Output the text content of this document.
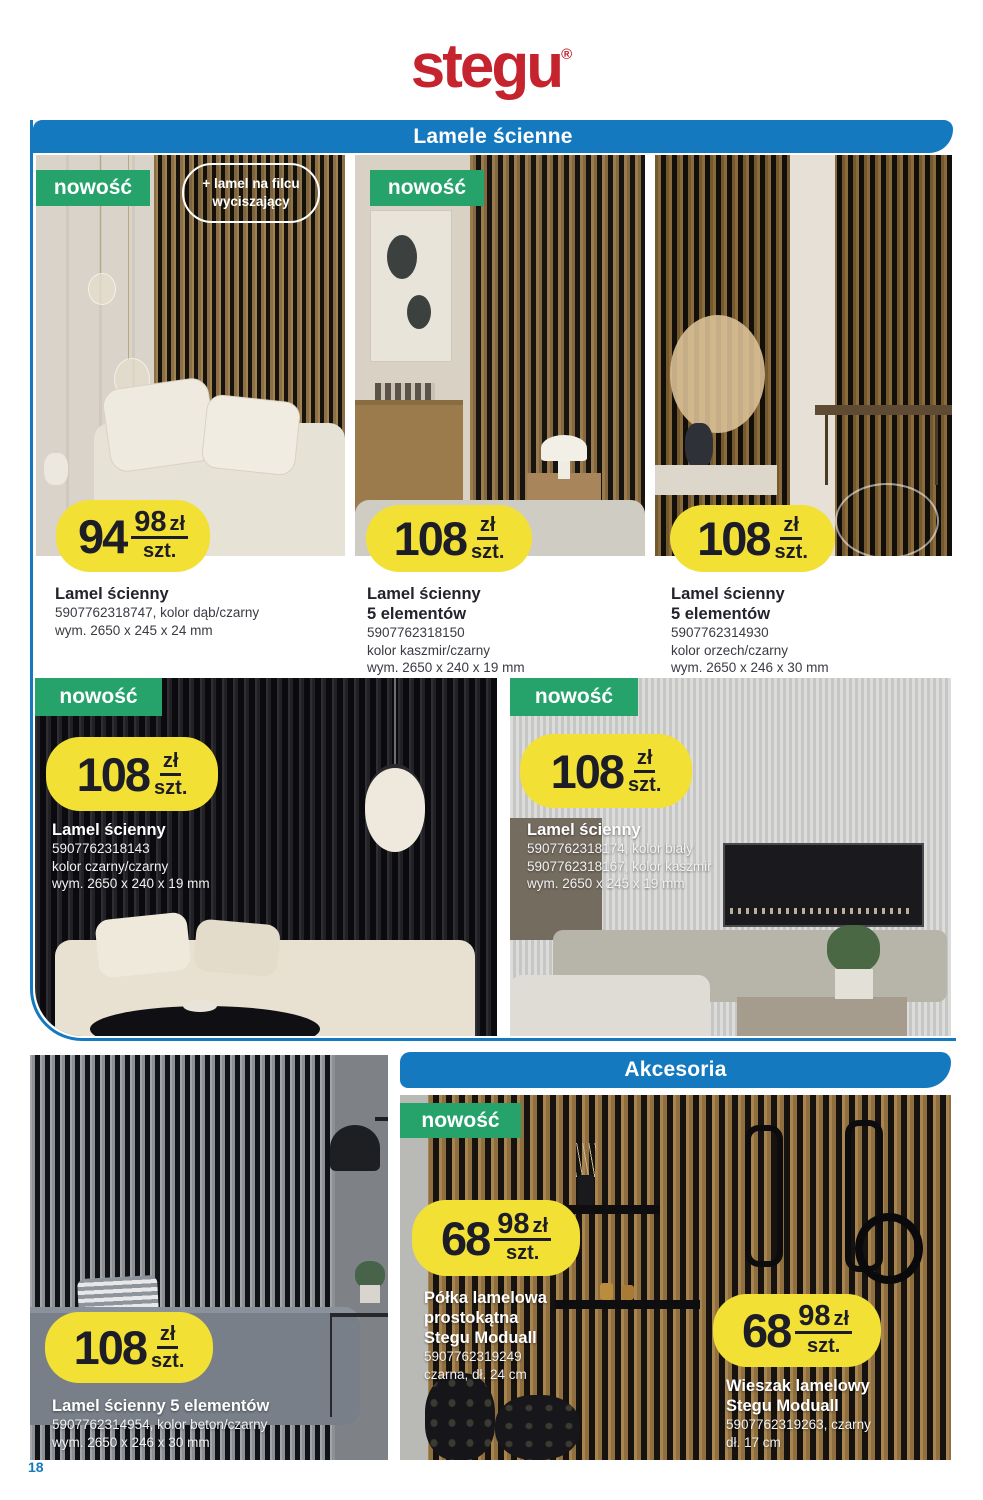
stegu®
Lamele ścienne
nowość	+ lamel na filcu
wyciszający
nowość
$94 \frac{98 zł}{\text{szt.}}$	$108 \frac{zł}{\text{szt.}}$	$108 \frac{zł}{\text{szt.}}$
Lamel ścienny
5907762318747, kolor dąb/czarny
wym. 2650 x 245 x 24 mm
Lamel ścienny
5 elementów
5907762318150
kolor kaszmir/czarny
wym. 2650 x 240 x 19 mm
Lamel ścienny
5 elementów
5907762314930
kolor orzech/czarny
wym. 2650 x 246 x 30 mm
nowość	nowość
$108 \frac{zł}{\text{szt.}}$	$108 \frac{zł}{\text{szt.}}$
Lamel ścienny
5907762318143
kolor czarny/czarny
wym. 2650 x 240 x 19 mm
Lamel ścienny
5907762318174, kolor biały
5907762318167, kolor kaszmir
wym. 2650 x 245 x 19 mm
$108 \frac{zł}{\text{szt.}}$
Lamel ścienny 5 elementów
5907762314954, kolor beton/czarny
wym. 2650 x 246 x 30 mm
Akcesoria
nowość
$68 \frac{98 zł}{\text{szt.}}$
Półka lamelowa
prostokątna
Stegu Moduall
5907762319249
czarna, dł. 24 cm
$68 \frac{98 zł}{\text{szt.}}$
Wieszak lamelowy
Stegu Moduall
5907762319263, czarny
dł. 17 cm
18
